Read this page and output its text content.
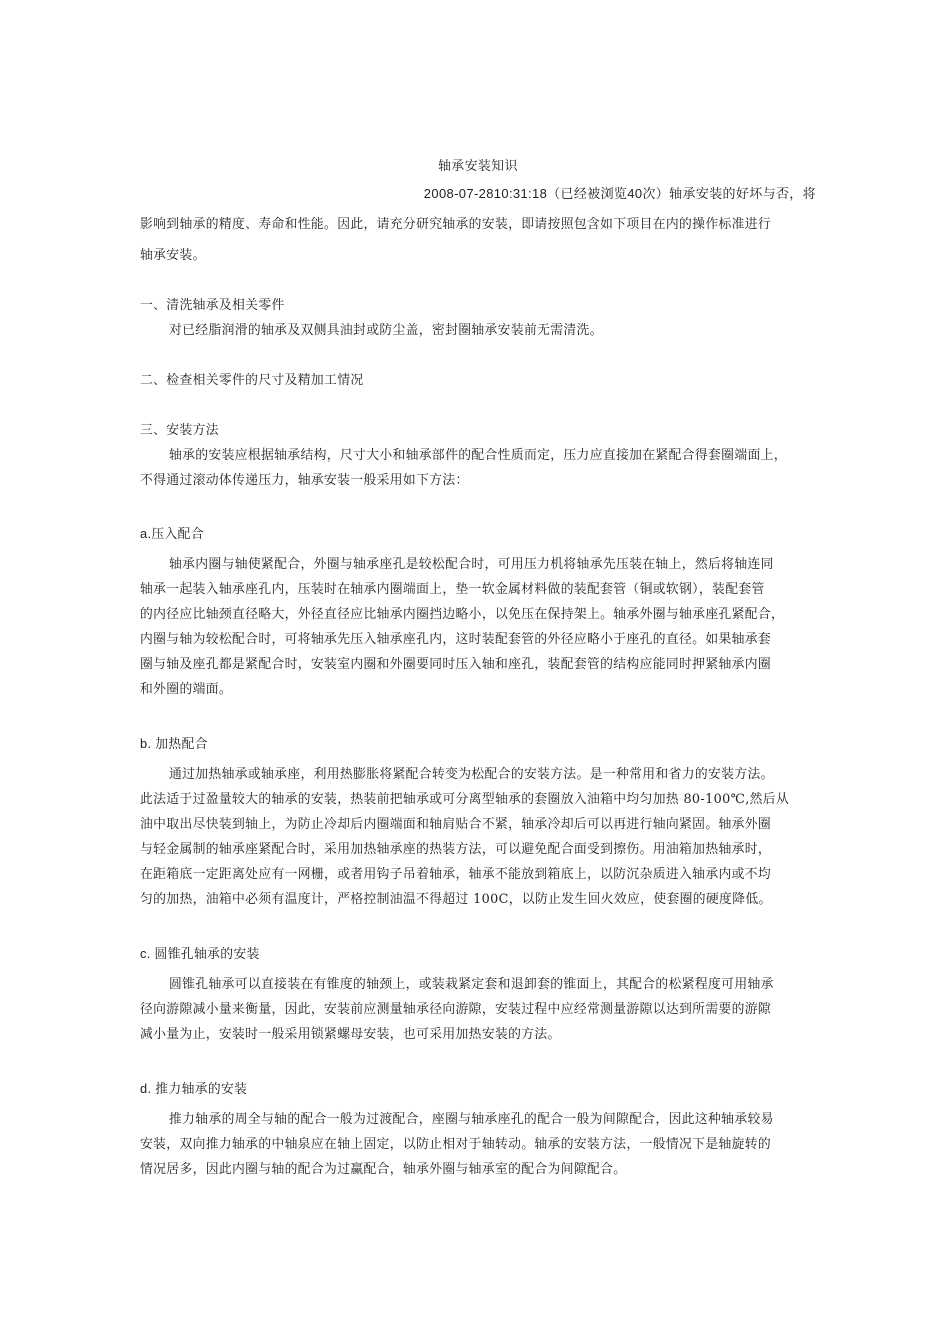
轴承安装知识
2008-07-2810:31:18（已经被浏览40次）轴承安装的好坏与否，将
影响到轴承的精度、寿命和性能。因此，请充分研究轴承的安装，即请按照包含如下项目在内的操作标准进行
轴承安装。
一、清洗轴承及相关零件
对已经脂润滑的轴承及双侧具油封或防尘盖，密封圈轴承安装前无需清洗。
二、检查相关零件的尺寸及精加工情况
三、安装方法
轴承的安装应根据轴承结构，尺寸大小和轴承部件的配合性质而定，压力应直接加在紧配合得套圈端面上，
不得通过滚动体传递压力，轴承安装一般采用如下方法：
a.压入配合
轴承内圈与轴使紧配合，外圈与轴承座孔是较松配合时，可用压力机将轴承先压装在轴上，然后将轴连同
轴承一起装入轴承座孔内，压装时在轴承内圈端面上，垫一软金属材料做的装配套管（铜或软钢），装配套管
的内径应比轴颈直径略大，外径直径应比轴承内圈挡边略小，以免压在保持架上。轴承外圈与轴承座孔紧配合，
内圈与轴为较松配合时，可将轴承先压入轴承座孔内，这时装配套管的外径应略小于座孔的直径。如果轴承套
圈与轴及座孔都是紧配合时，安装室内圈和外圈要同时压入轴和座孔，装配套管的结构应能同时押紧轴承内圈
和外圈的端面。
b. 加热配合
通过加热轴承或轴承座，利用热膨胀将紧配合转变为松配合的安装方法。是一种常用和省力的安装方法。
此法适于过盈量较大的轴承的安装，热装前把轴承或可分离型轴承的套圈放入油箱中均匀加热 80-100℃,然后从
油中取出尽快装到轴上，为防止冷却后内圈端面和轴肩贴合不紧，轴承冷却后可以再进行轴向紧固。轴承外圈
与轻金属制的轴承座紧配合时，采用加热轴承座的热装方法，可以避免配合面受到擦伤。用油箱加热轴承时，
在距箱底一定距离处应有一网栅，或者用钩子吊着轴承，轴承不能放到箱底上，以防沉杂质进入轴承内或不均
匀的加热，油箱中必须有温度计，严格控制油温不得超过 100C，以防止发生回火效应，使套圈的硬度降低。
c. 圆锥孔轴承的安装
圆锥孔轴承可以直接装在有锥度的轴颈上，或装栽紧定套和退卸套的锥面上，其配合的松紧程度可用轴承
径向游隙减小量来衡量，因此，安装前应测量轴承径向游隙，安装过程中应经常测量游隙以达到所需要的游隙
减小量为止，安装时一般采用锁紧螺母安装，也可采用加热安装的方法。
d. 推力轴承的安装
推力轴承的周全与轴的配合一般为过渡配合，座圈与轴承座孔的配合一般为间隙配合，因此这种轴承较易
安装，双向推力轴承的中轴泉应在轴上固定，以防止相对于轴转动。轴承的安装方法，一般情况下是轴旋转的
情况居多，因此内圈与轴的配合为过赢配合，轴承外圈与轴承室的配合为间隙配合。
